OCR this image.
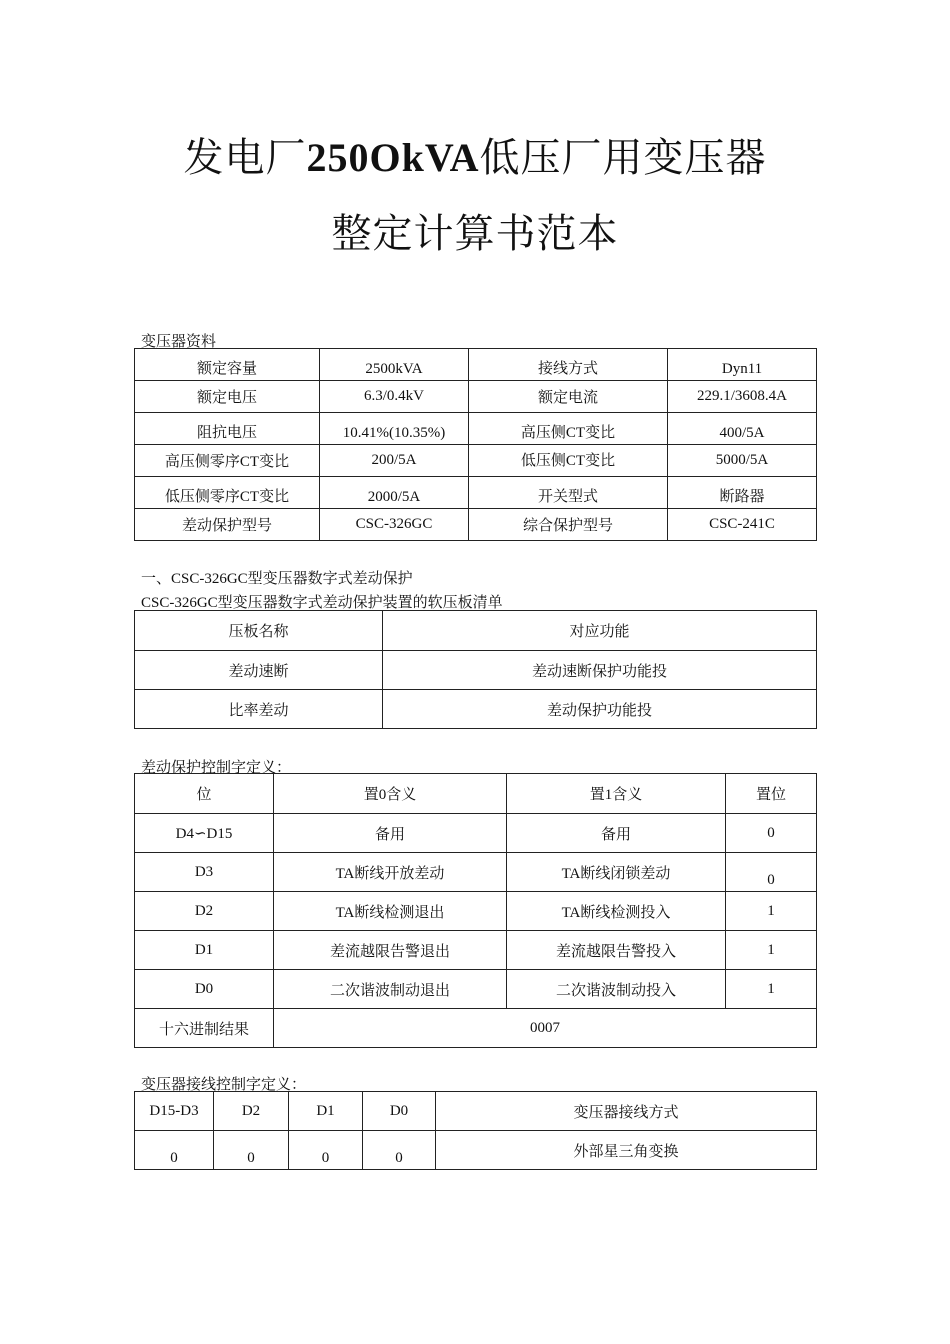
发电厂250OkVA低压厂用变压器
整定计算书范本
变压器资料
额定容量	2500kVA	接线方式	Dyn11
额定电压	6.3/0.4kV	额定电流	229.1/3608.4A
阻抗电压	10.41%(10.35%)	高压侧CT变比	400/5A
高压侧零序CT变比	200/5A	低压侧CT变比	5000/5A
低压侧零序CT变比	2000/5A	开关型式	断路器
差动保护型号	CSC-326GC	综合保护型号	CSC-241C
一、CSC-326GC型变压器数字式差动保护
CSC-326GC型变压器数字式差动保护装置的软压板清单
压板名称	对应功能
差动速断	差动速断保护功能投
比率差动	差动保护功能投
差动保护控制字定义：
位	置0含义	置1含义	置位
D4∽D15	备用	备用	0
D3	TA断线开放差动	TA断线闭锁差动	0
D2	TA断线检测退出	TA断线检测投入	1
D1	差流越限告警退出	差流越限告警投入	1
D0	二次谐波制动退出	二次谐波制动投入	1
十六进制结果	0007		
变压器接线控制字定义：
D15-D3	D2	D1	D0	变压器接线方式
0	0	0	0	外部星三角变换
